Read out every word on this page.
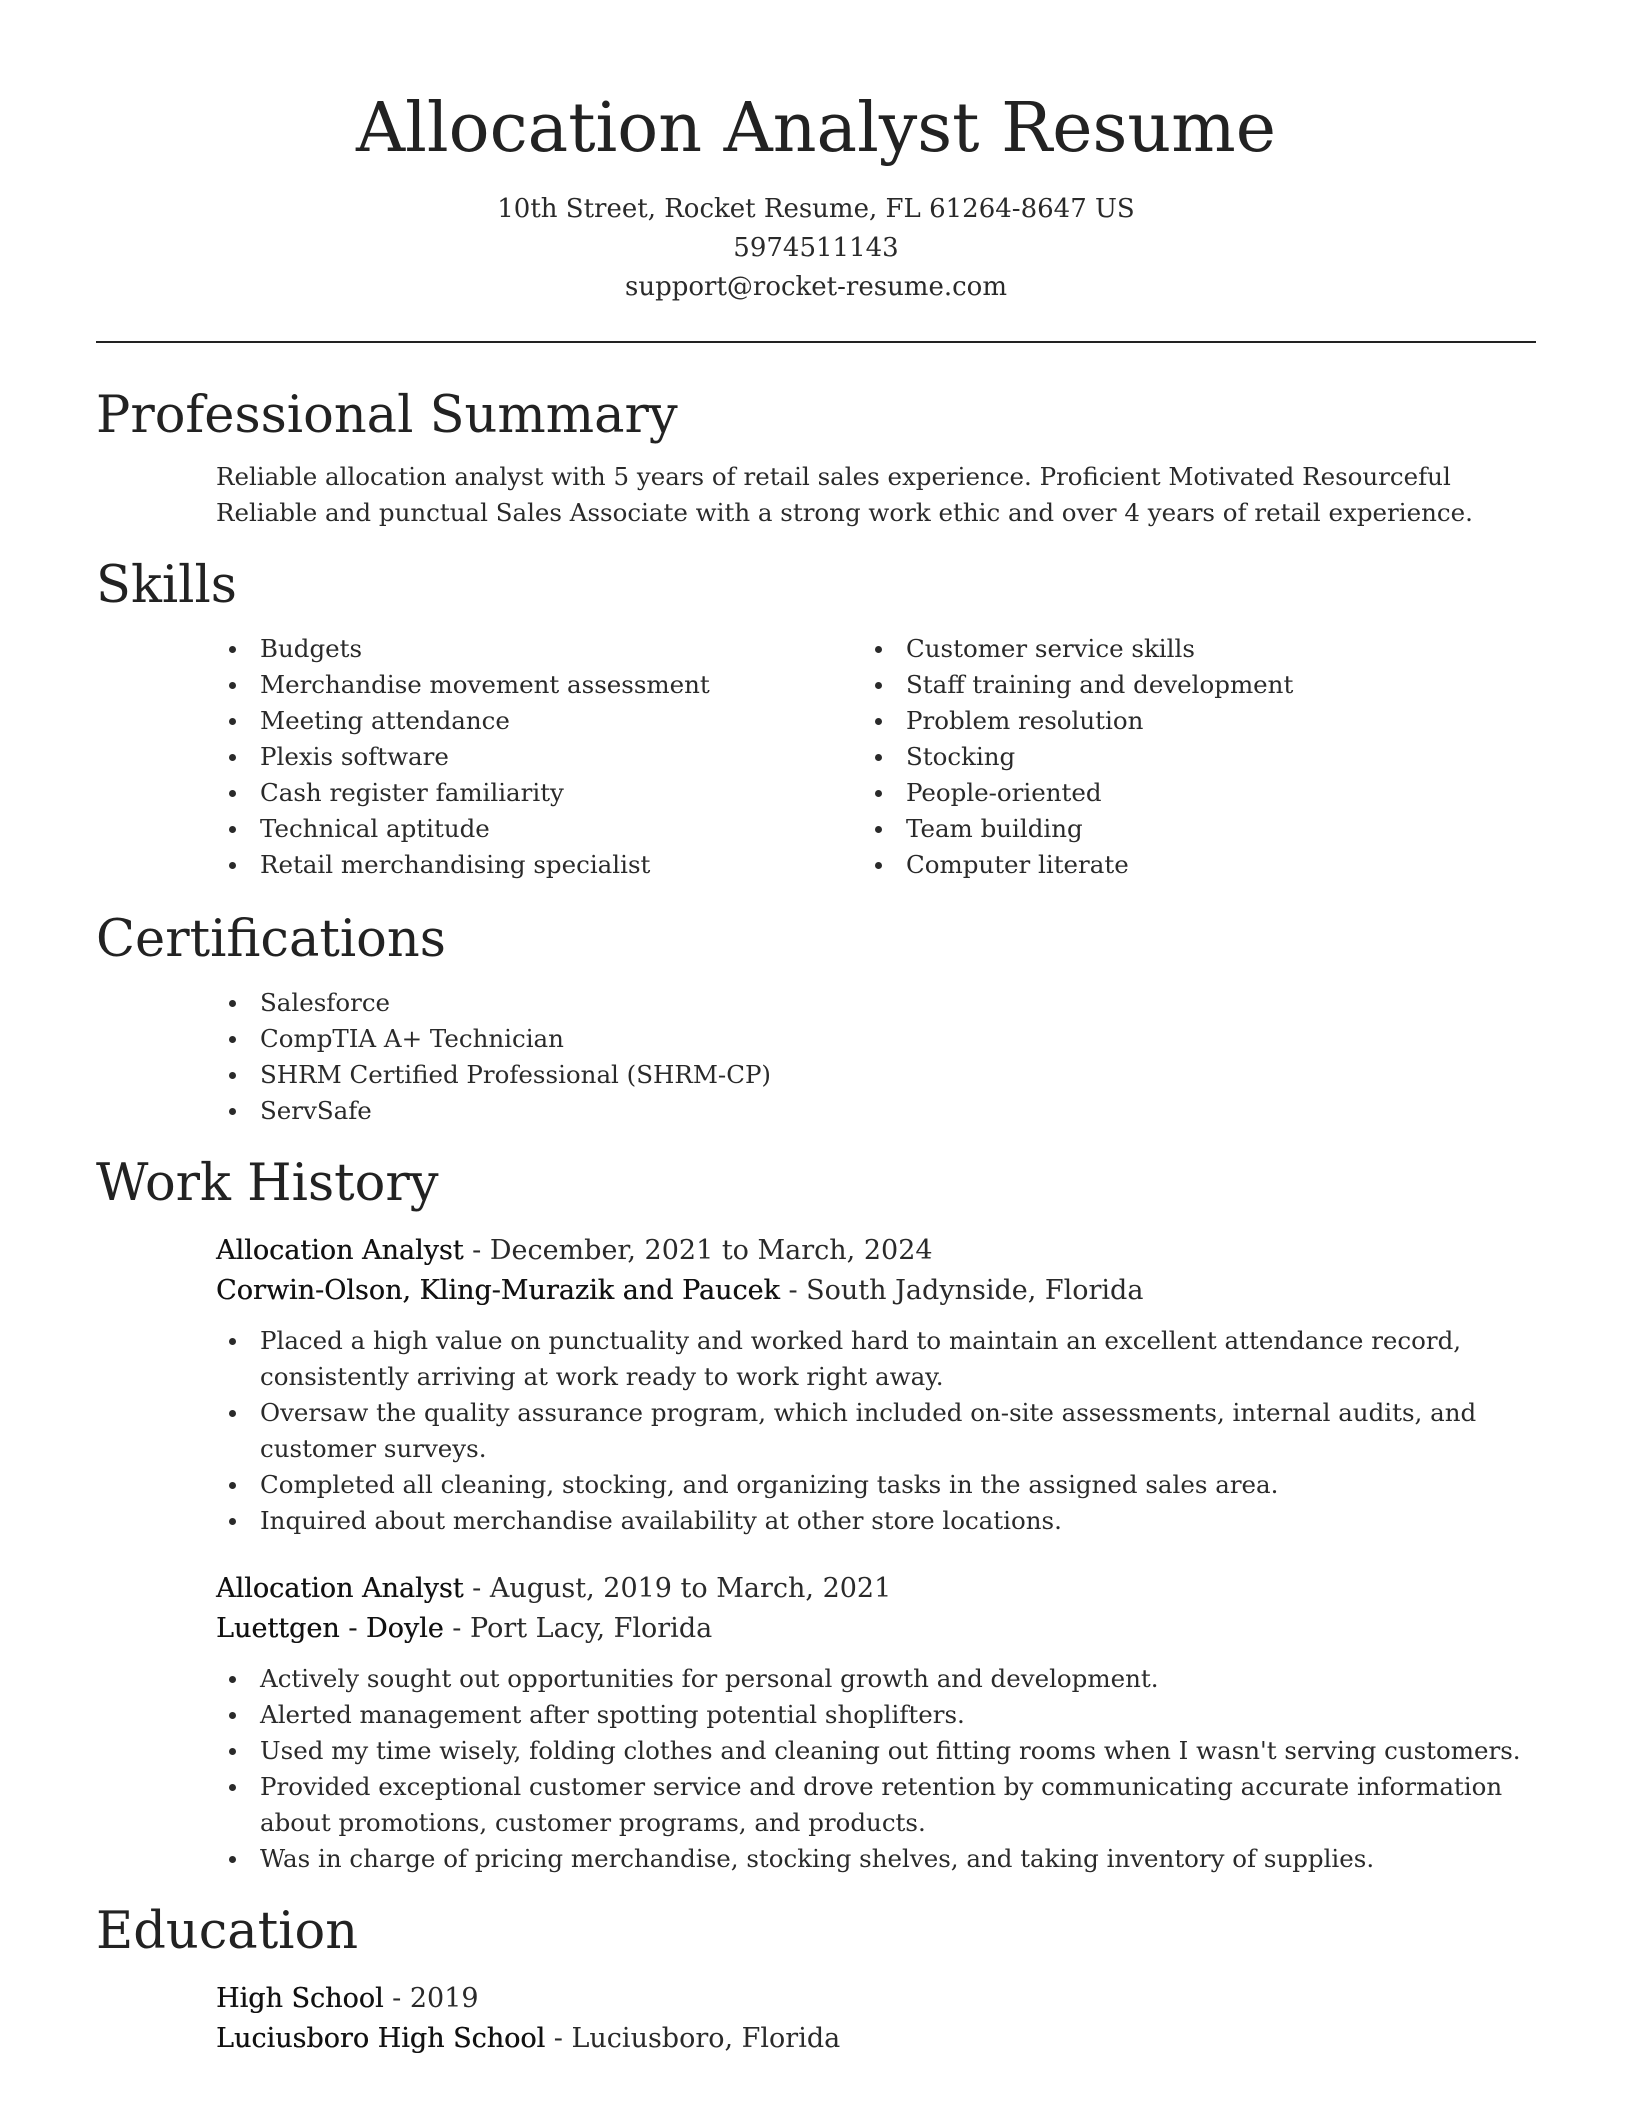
Allocation Analyst Resume
10th Street, Rocket Resume, FL 61264-8647 US
5974511143
support@rocket-resume.com
Professional Summary
Reliable allocation analyst with 5 years of retail sales experience. Proficient Motivated Resourceful Reliable and punctual Sales Associate with a strong work ethic and over 4 years of retail experience.
Skills
Budgets
Merchandise movement assessment
Meeting attendance
Plexis software
Cash register familiarity
Technical aptitude
Retail merchandising specialist
Customer service skills
Staff training and development
Problem resolution
Stocking
People-oriented
Team building
Computer literate
Certifications
Salesforce
CompTIA A+ Technician
SHRM Certified Professional (SHRM-CP)
ServSafe
Work History
Allocation Analyst - December, 2021 to March, 2024
Corwin-Olson, Kling-Murazik and Paucek - South Jadynside, Florida
Placed a high value on punctuality and worked hard to maintain an excellent attendance record, consistently arriving at work ready to work right away.
Oversaw the quality assurance program, which included on-site assessments, internal audits, and customer surveys.
Completed all cleaning, stocking, and organizing tasks in the assigned sales area.
Inquired about merchandise availability at other store locations.
Allocation Analyst - August, 2019 to March, 2021
Luettgen - Doyle - Port Lacy, Florida
Actively sought out opportunities for personal growth and development.
Alerted management after spotting potential shoplifters.
Used my time wisely, folding clothes and cleaning out fitting rooms when I wasn't serving customers.
Provided exceptional customer service and drove retention by communicating accurate information about promotions, customer programs, and products.
Was in charge of pricing merchandise, stocking shelves, and taking inventory of supplies.
Education
High School - 2019
Luciusboro High School - Luciusboro, Florida
